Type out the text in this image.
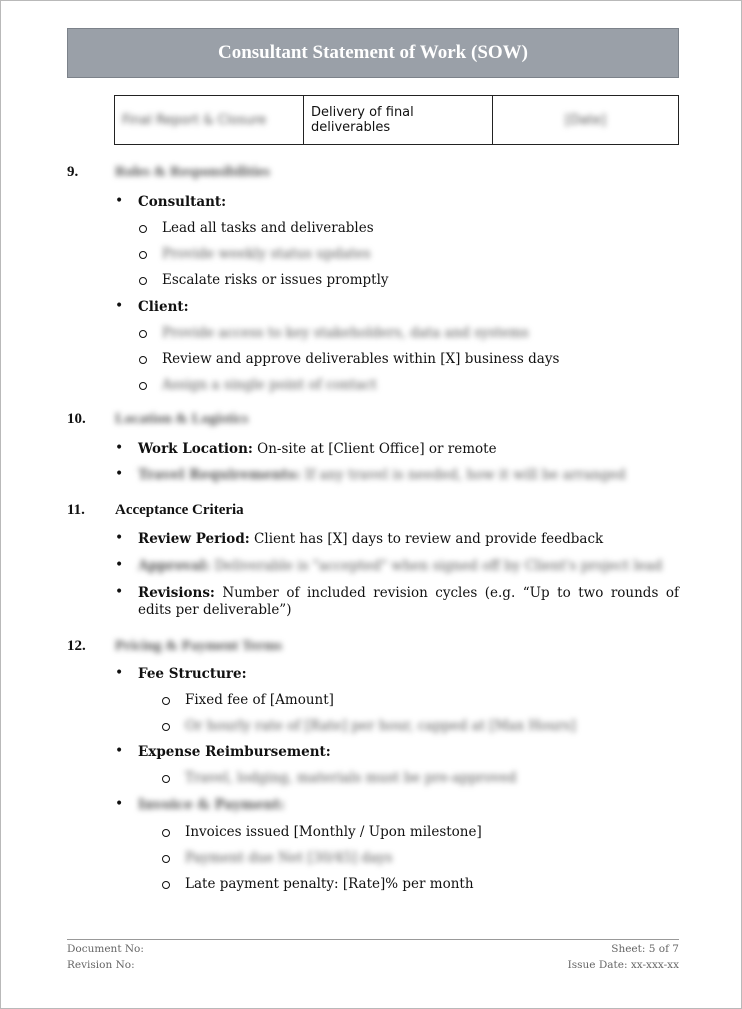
Consultant Statement of Work (SOW)
Final Report & Closure	Delivery of final deliverables	[Date]
9. Roles & Responsibilities
• Consultant:
Lead all tasks and deliverables
Provide weekly status updates
Escalate risks or issues promptly
• Client:
Provide access to key stakeholders, data and systems
Review and approve deliverables within [X] business days
Assign a single point of contact
10. Location & Logistics
• Work Location: On-site at [Client Office] or remote
• Travel Requirements: If any travel is needed, how it will be arranged
11. Acceptance Criteria
• Review Period: Client has [X] days to review and provide feedback
• Approval: Deliverable is "accepted" when signed off by Client's project lead
• Revisions: Number of included revision cycles (e.g. “Up to two rounds of edits per deliverable”)
12. Pricing & Payment Terms
• Fee Structure:
Fixed fee of [Amount]
Or hourly rate of [Rate] per hour, capped at [Max Hours]
• Expense Reimbursement:
Travel, lodging, materials must be pre-approved
• Invoice & Payment:
Invoices issued [Monthly / Upon milestone]
Payment due Net [30/45] days
Late payment penalty: [Rate]% per month
Document No:	Sheet: 5 of 7
Revision No:	Issue Date: xx-xxx-xx
